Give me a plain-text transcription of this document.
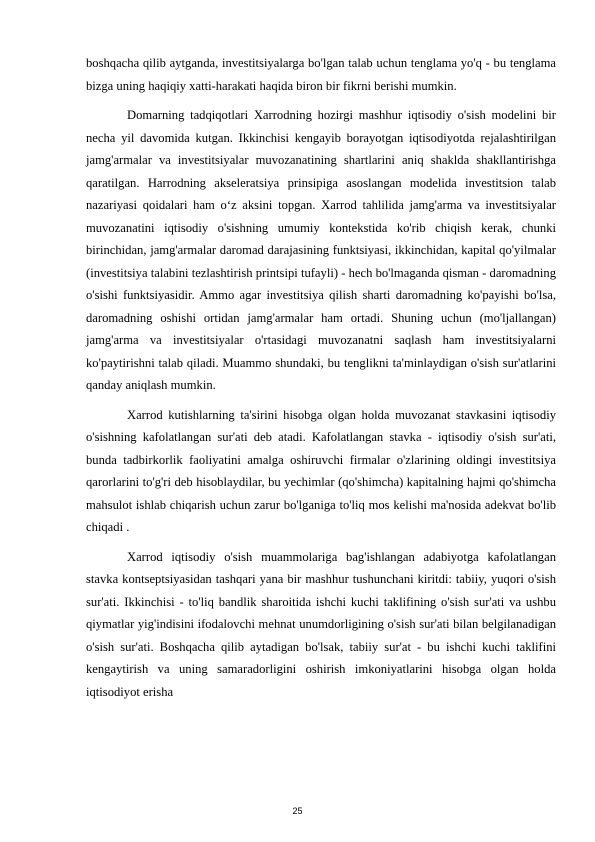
boshqacha qilib aytganda, investitsiyalarga bo'lgan talab uchun tenglama yo'q - bu tenglama bizga uning haqiqiy xatti-harakati haqida biron bir fikrni berishi mumkin.

Domarning tadqiqotlari Xarrodning hozirgi mashhur iqtisodiy o'sish modelini bir necha yil davomida kutgan. Ikkinchisi kengayib borayotgan iqtisodiyotda rejalashtirilgan jamg'armalar va investitsiyalar muvozanatining shartlarini aniq shaklda shakllantirishga qaratilgan. Harrodning akseleratsiya prinsipiga asoslangan modelida investitsion talab nazariyasi qoidalari ham o‘z aksini topgan. Xarrod tahlilida jamg'arma va investitsiyalar muvozanatini iqtisodiy o'sishning umumiy kontekstida ko'rib chiqish kerak, chunki birinchidan, jamg'armalar daromad darajasining funktsiyasi, ikkinchidan, kapital qo'yilmalar (investitsiya talabini tezlashtirish printsipi tufayli) - hech bo'lmaganda qisman - daromadning o'sishi funktsiyasidir. Ammo agar investitsiya qilish sharti daromadning ko'payishi bo'lsa, daromadning oshishi ortidan jamg'armalar ham ortadi. Shuning uchun (mo'ljallangan) jamg'arma va investitsiyalar o'rtasidagi muvozanatni saqlash ham investitsiyalarni ko'paytirishni talab qiladi. Muammo shundaki, bu tenglikni ta'minlaydigan o'sish sur'atlarini qanday aniqlash mumkin.

Xarrod kutishlarning ta'sirini hisobga olgan holda muvozanat stavkasini iqtisodiy o'sishning kafolatlangan sur'ati deb atadi. Kafolatlangan stavka - iqtisodiy o'sish sur'ati, bunda tadbirkorlik faoliyatini amalga oshiruvchi firmalar o'zlarining oldingi investitsiya qarorlarini to'g'ri deb hisoblaydilar, bu yechimlar (qo'shimcha) kapitalning hajmi qo'shimcha mahsulot ishlab chiqarish uchun zarur bo'lganiga to'liq mos kelishi ma'nosida adekvat bo'lib chiqadi .

Xarrod iqtisodiy o'sish muammolariga bag'ishlangan adabiyotga kafolatlangan stavka kontseptsiyasidan tashqari yana bir mashhur tushunchani kiritdi: tabiiy, yuqori o'sish sur'ati. Ikkinchisi - to'liq bandlik sharoitida ishchi kuchi taklifining o'sish sur'ati va ushbu qiymatlar yig'indisini ifodalovchi mehnat unumdorligining o'sish sur'ati bilan belgilanadigan o'sish sur'ati. Boshqacha qilib aytadigan bo'lsak, tabiiy sur'at - bu ishchi kuchi taklifini kengaytirish va uning samaradorligini oshirish imkoniyatlarini hisobga olgan holda iqtisodiyot erisha

25
